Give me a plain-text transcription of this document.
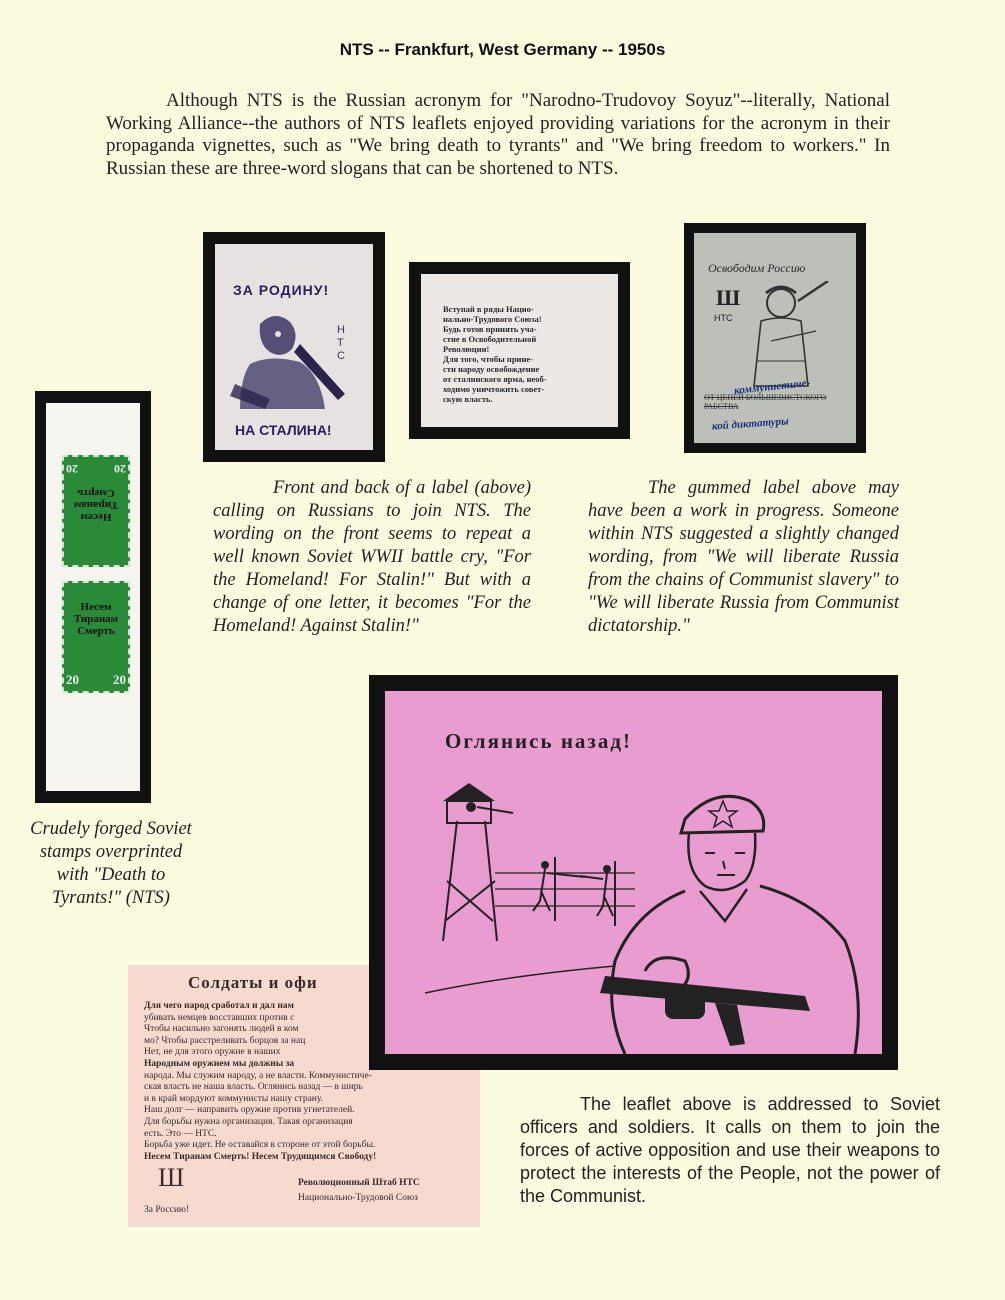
NTS -- Frankfurt, West Germany -- 1950s
Although NTS is the Russian acronym for "Narodno-Trudovoy Soyuz"--literally, National Working Alliance--the authors of NTS leaflets enjoyed providing variations for the acronym in their propaganda vignettes, such as "We bring death to tyrants" and "We bring freedom to workers." In Russian these are three-word slogans that can be shortened to NTS.
ЗА РОДИНУ!
НТС
НА СТАЛИНА!
Вступай в ряды Нацио-
нально-Трудового Союза!
Будь готов принять уча-
стие в Освободительной
Революции!
Для того, чтобы прине-
сти народу освобождение
от сталинского ярма, необ-
ходимо уничтожить совет-
скую власть.
Освободим Россию
Ш
НТС
ОТ ЦЕПЕЙ БОЛЬШЕВИСТСКОГО РАБСТВА
коммунистиче-
кой диктатуры
20	20
Несем
Тиранам
Смерть
Несем
Тиранам
Смерть
20	20
Crudely forged Soviet stamps overprinted with "Death to Tyrants!" (NTS)
Front and back of a label (above) calling on Russians to join NTS. The wording on the front seems to repeat a well known Soviet WWII battle cry, "For the Homeland! For Stalin!" But with a change of one letter, it becomes "For the Homeland! Against Stalin!"
The gummed label above may have been a work in progress. Someone within NTS suggested a slightly changed wording, from "We will liberate Russia from the chains of Communist slavery" to "We will liberate Russia from Communist dictatorship."
Солдаты и офи
Для чего народ сработал и дал нам
убивать немцев восставших против с
Чтобы насильно загонять людей в ком
мо? Чтобы расстреливать борцов за нац
Нет, не для этого оружие в наших
Народным оружием мы должны за
народа. Мы служим народу, а не власти. Коммунистиче-
ская власть не наша власть. Оглянись назад — в ширь
и в край мордуют коммунисты нашу страну.
Наш долг — направить оружие против угнетателей.
Для борьбы нужна организация. Такая организация
есть. Это — НТС.
Борьба уже идет. Не оставайся в стороне от этой борьбы.
Несем Тиранам Смерть! Несем Трудящимся Свободу!
Ш	Революционный Штаб НТС
Национально-Трудовой Союз
За Россию!
Оглянись назад!
The leaflet above is addressed to Soviet officers and soldiers. It calls on them to join the forces of active opposition and use their weapons to protect the interests of the People, not the power of the Communist.
